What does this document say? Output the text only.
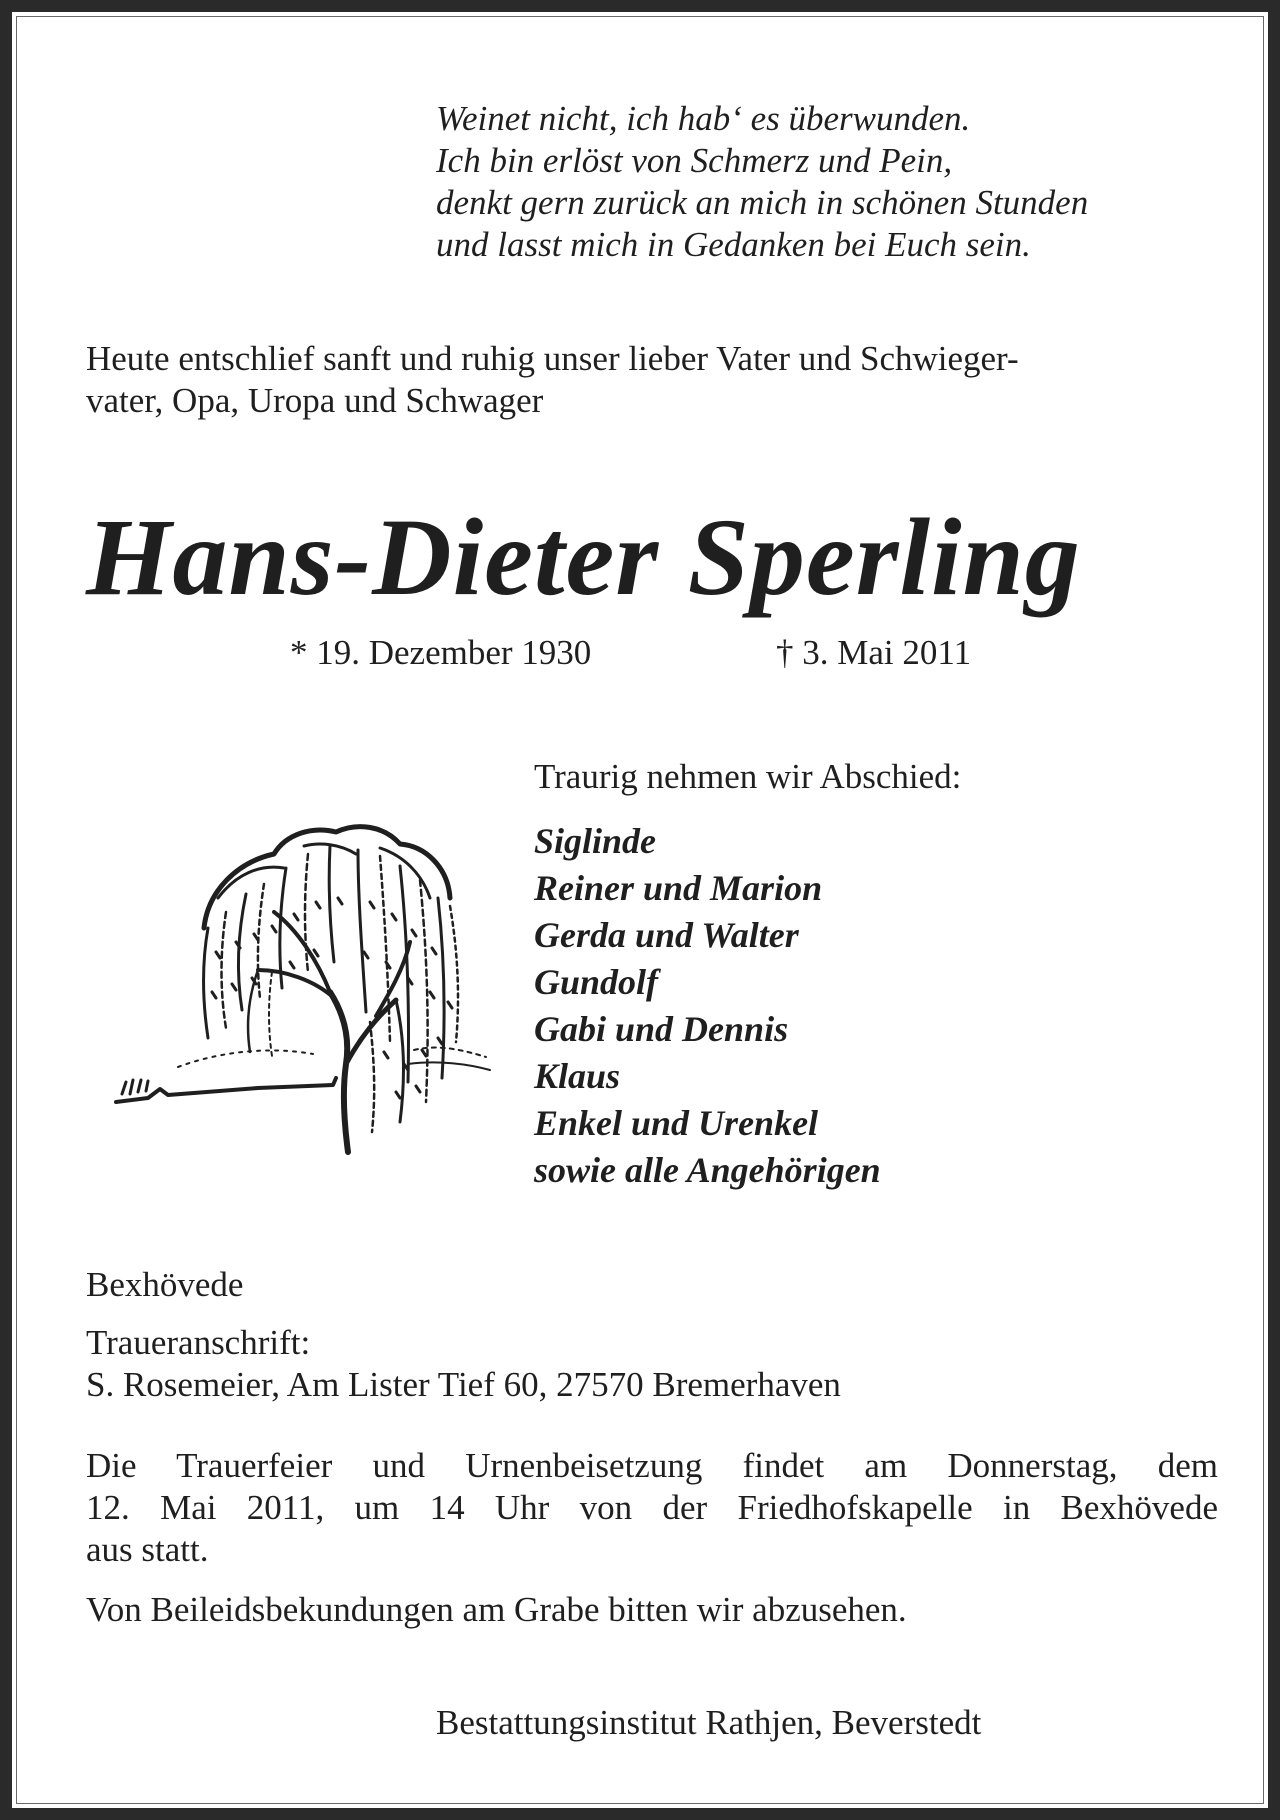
Weinet nicht, ich hab‘ es überwunden.
Ich bin erlöst von Schmerz und Pein,
denkt gern zurück an mich in schönen Stunden
und lasst mich in Gedanken bei Euch sein.
Heute entschlief sanft und ruhig unser lieber Vater und Schwieger-
vater, Opa, Uropa und Schwager
Hans-Dieter Sperling
* 19. Dezember 1930	† 3. Mai 2011
Traurig nehmen wir Abschied:
Siglinde
Reiner und Marion
Gerda und Walter
Gundolf
Gabi und Dennis
Klaus
Enkel und Urenkel
sowie alle Angehörigen
Bexhövede
Traueranschrift:
S. Rosemeier, Am Lister Tief 60, 27570 Bremerhaven
Die Trauerfeier und Urnenbeisetzung findet am Donnerstag, dem
12. Mai 2011, um 14 Uhr von der Friedhofskapelle in Bexhövede
aus statt.
Von Beileidsbekundungen am Grabe bitten wir abzusehen.
Bestattungsinstitut Rathjen, Beverstedt
